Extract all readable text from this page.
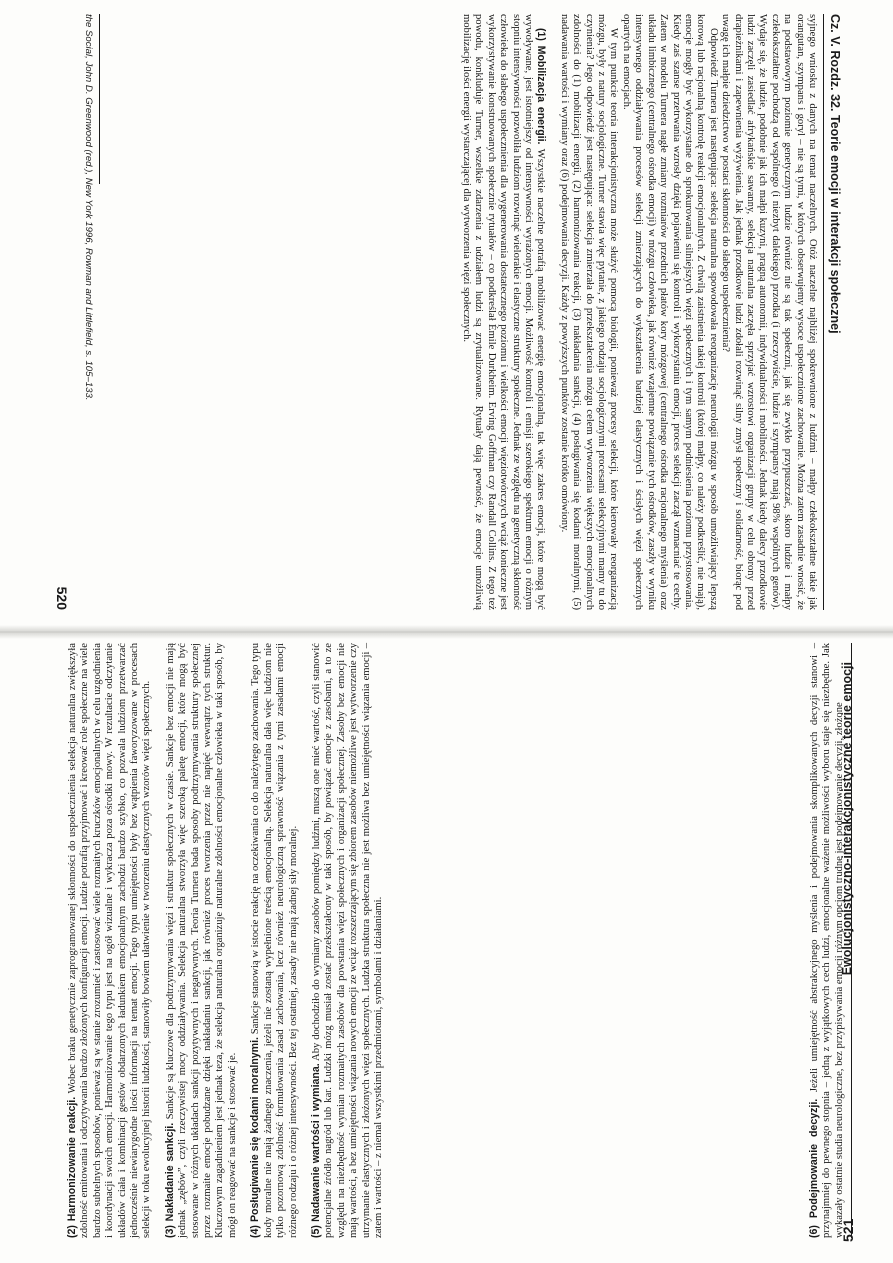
Cz. V. Rozdz. 32. Teorie emocji w interakcji społecznej

syjnego wniosku z danych na temat naczelnych. Otóż naczelne najbliżej spokrewnione z ludźmi – małpy człekokształtne takie jak orangutan, szympans i goryl – nie są tymi, w których obserwujemy wysoce uspołecznione zachowanie. Można zatem zasadnie wnosić, że na podstawowym poziomie genetycznym ludzie również nie są tak społeczni, jak się zwykło przypuszczać, skoro ludzie i małpy człekokształtne pochodzą od wspólnego (i niezbyt dalekiego) przodka (i rzeczywiście, ludzie i szympansy mają 98% wspólnych genów). Wydaje się, że ludzie, podobnie jak ich małpi kuzyni, pragną autonomii, indywidualności i mobilności. Jednak kiedy dalecy przodkowie ludzi zaczęli zasiedlać afrykańskie sawanny, selekcja naturalna zaczęła sprzyjać wzrostowi organizacji grupy w celu obrony przed drapieżnikami i zapewnienia wyżywienia. Jak jednak przodkowie ludzi zdołali rozwinąć silny zmysł społeczny i solidarność, biorąc pod uwagę ich małpie dziedzictwo w postaci skłonności do słabego uspołecznienia?

Odpowiedź Turnera jest następująca: selekcja naturalna spowodowała reorganizację neurologii mózgu w sposób umożliwiający lepszą korową lub racjonalną kontrolę reakcji emocjonalnych. Z chwilą zaistnienia takiej kontroli (której małpy, co należy podkreślić, nie mają), emocje mogły być wykorzystane do sprokurowania silniejszych więzi społecznych i tym samym podniesienia poziomu przystosowania. Kiedy zaś szanse przetrwania wzrosły dzięki pojawieniu się kontroli i wykorzystaniu emocji, proces selekcji zaczął wzmacniać te cechy. Zatem w modelu Turnera nagłe zmiany rozmiarów przednich płatów kory mózgowej (centralnego ośrodka racjonalnego myślenia) oraz układu limbicznego (centralnego ośrodka emocji) w mózgu człowieka, jak również wzajemne powiązanie tych ośrodków, zaszły w wyniku intensywnego oddziaływania procesów selekcji zmierzających do wykształcenia bardziej elastycznych i ścisłych więzi społecznych opartych na emocjach.

W tym punkcie teoria interakcjonistyczna może służyć pomocą biologii, ponieważ procesy selekcji, które kierowały reorganizacją mózgu, były z natury socjologiczne. Turner stawia więc pytanie, z jakiego rodzaju socjologicznymi procesami selekcyjnymi mamy tu do czynienia? Jego odpowiedź jest następująca: selekcja zmierzała do przekształcenia mózgu celem wytworzenia większych emocjonalnych zdolności do (1) mobilizacji energii, (2) harmonizowania reakcji, (3) nakładania sankcji, (4) posługiwania się kodami moralnymi, (5) nadawania wartości i wymiany oraz (6) podejmowania decyzji. Każdy z powyższych punktów zostanie krótko omówiony.

(1) Mobilizacja energii. Wszystkie naczelne potrafią mobilizować energię emocjonalną, tak więc zakres emocji, które mogą być wywoływane, jest istotniejszy od intensywności wyrażonych emocji. Możliwość kontroli i emisji szerokiego spektrum emocji o różnym stopniu intensywności pozwoliła ludziom rozwinąć wielorakie i elastyczne struktury społeczne. Jednak ze względu na genetyczną skłonność człowieka do słabego uspołecznienia dla wygenerowania dostatecznego poziomu i wielkości emocji więziotwórczych wciąż konieczne jest wykorzystywanie konstruowanych społecznie rytuałów – co podkreślał Émile Durkheim. Erving Goffman czy Randall Collins. Z tego też powodu, konkluduje Turner, wszelkie zdarzenia z udziałem ludzi są zrytualizowane. Rytuały dają pewność, że emocje umożliwią mobilizację ilości energii wystarczającej dla wytworzenia więzi społecznych.

the Social, John D. Greenwood (red.), New York 1996, Rowman and Littlefield, s. 105–133.
520

(6) Podejmowanie decyzji. Jeżeli umiejętność abstrakcyjnego myślenia i podejmowania skomplikowanych decyzji stanowi – przynajmniej do pewnego stopnia – jedną z wyjątkowych cech ludzi, emocjonalne ważenie możliwości wyboru staje się niezbędne. Jak wykazały ostatnie studia neurologiczne, bez przypisywania emocji różnym opcjom trudne jest podejmowanie decyzji, złożone

(2) Harmonizowanie reakcji. Wobec braku genetycznie zaprogramowanej skłonności do uspołecznienia selekcja naturalna zwiększyła zdolność emitowania i odczytywania bardzo złożonych konfiguracji emocji. Ludzie potrafią przyjmować i kreować role społeczne na wiele bardzo subtelnych sposobów, ponieważ są w stanie zrozumieć i zastosować wiele rozmaitych kruczków emocjonalnych w celu uzgodnienia i koordynacji swoich emocji. Harmonizowanie tego typu jest na ogół wizualne i wykracza poza ośrodki mowy. W rezultacie odczytanie układów ciała i kombinacji gestów obdarzonych ładunkiem emocjonalnym zachodzi bardzo szybko, co pozwala ludziom przetwarzać jednocześnie niewiarygodne ilości informacji na temat emocji. Tego typu umiejętności były bez wątpienia faworyzowane w procesach selekcji w toku ewolucyjnej historii ludzkości, stanowiły bowiem ułatwienie w tworzeniu elastycznych wzorów więzi społecznych. (3) Nakładanie sankcji. Sankcje są kluczowe dla podtrzymywania więzi i struktur społecznych w czasie. Sankcje bez emocji nie mają jednak „zębów”, czyli rzeczywistej mocy oddziaływania. Selekcja naturalna stworzyła więc szeroką paletę emocji, które mogą być stosowane w różnych układach sankcji pozytywnych i negatywnych. Teoria Turnera bada sposoby podtrzymywania struktury społecznej przez rozmaite emocje pobudzane dzięki nakładaniu sankcji, jak również proces tworzenia przez nie napięć wewnątrz tych struktur. Kluczowym zagadnieniem jest jednak teza, że selekcja naturalna organizuje naturalne zdolności emocjonalne człowieka w taki sposób, by mógł on reagować na sankcje i stosować je. (4) Posługiwanie się kodami moralnymi. Sankcje stanowią w istocie reakcję na oczekiwania co do należytego zachowania. Tego typu kody moralne nie mają żadnego znaczenia, jeżeli nie zostaną wypełnione treścią emocjonalną. Selekcja naturalna dała więc ludziom nie tylko pozornową zdolność formułowania zasad zachowania, lecz również neurologiczną sprawność wiązania z tymi zasadami emocji różnego rodzaju i o różnej intensywności. Bez tej ostatniej, zasady nie mają żadnej siły moralnej. (5) Nadawanie wartości i wymiana. Aby dochodziło do wymiany zasobów pomiędzy ludźmi, muszą one mieć wartość, czyli stanowić potencjalne źródło nagród lub kar. Ludzki mózg musiał zostać przekształcony w taki sposób, by powiązać emocje z zasobami, a to ze względu na niezbędność wymian rozmaitych zasobów dla powstania więzi społecznych i organizacji społecznej. Zasoby bez emocji nie mają wartości, a bez umiejętności wiązania nowych emocji ze wciąż rozszerzającym się zbiorem zasobów niemożliwe jest wytworzenie czy utrzymanie elastycznych i złożonych więzi społecznych. Ludzka struktura społeczna nie jest możliwa bez umiejętności wiązania emocji – zatem i wartości – z niemal wszystkimi przedmiotami, symbolami i działaniami.

Ewolucjonistyczno-interakcjonistyczne teorie emocji
521
